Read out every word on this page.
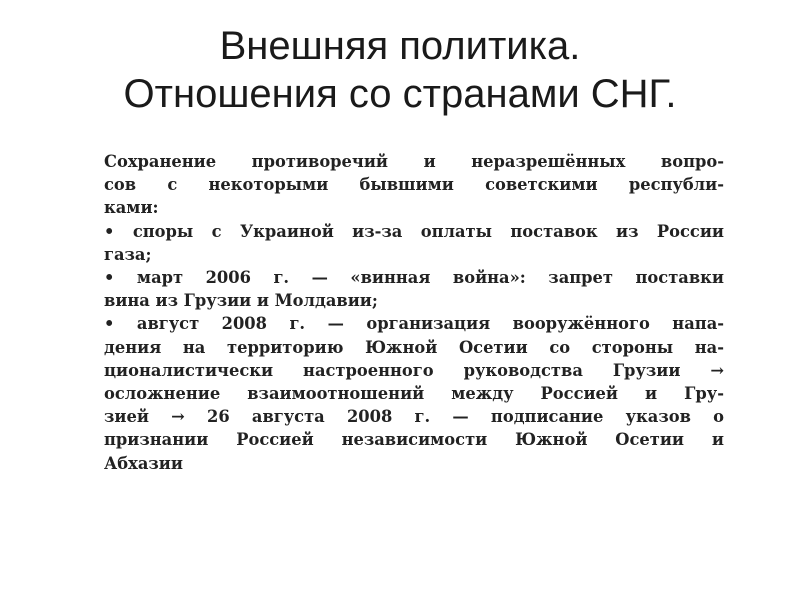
Внешняя политика.
Отношения со странами СНГ.
Сохранение противоречий и неразрешённых вопро-
сов с некоторыми бывшими советскими республи-
ками:
• споры с Украиной из-за оплаты поставок из России
газа;
• март 2006 г. — «винная война»: запрет поставки
вина из Грузии и Молдавии;
• август 2008 г. — организация вооружённого напа-
дения на территорию Южной Осетии со стороны на-
ционалистически настроенного руководства Грузии →
осложнение взаимоотношений между Россией и Гру-
зией → 26 августа 2008 г. — подписание указов о
признании Россией независимости Южной Осетии и
Абхазии
